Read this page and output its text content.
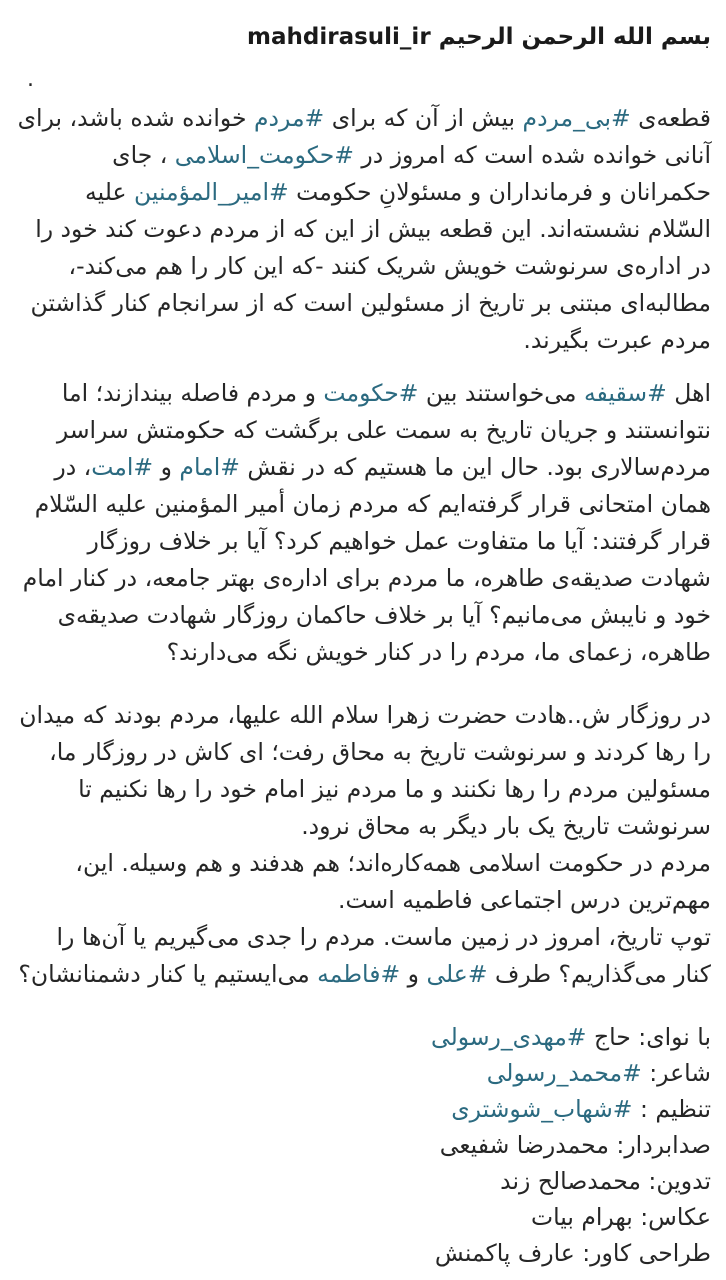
mahdirasuli_ir بسم الله الرحمن الرحيم
.
قطعه‌ی #بی_مردم بیش از آن که برای #مردم خوانده شده باشد، برای آنانی خوانده شده است که امروز در #حکومت_اسلامی ، جای حکمرانان و فرمانداران و مسئولانِ حکومت #امیر_المؤمنین علیه السّلام نشسته‌اند. این قطعه بیش از این که از مردم دعوت کند خود را در اداره‌ی سرنوشت خویش شریک کنند -که این کار را هم می‌کند-، مطالبه‌ای مبتنی بر تاریخ از مسئولین است که از سرانجام کنار گذاشتن مردم عبرت بگیرند.
اهل #سقیفه می‌خواستند بین #حکومت و مردم فاصله بیندازند؛ اما نتوانستند و جریان تاریخ به سمت علی برگشت که حکومتش سراسر مردم‌سالاری بود. حال این ما هستیم که در نقش #امام و #امت، در همان امتحانی قرار گرفته‌ایم که مردم زمان أمیر المؤمنین علیه السّلام قرار گرفتند: آیا ما متفاوت عمل خواهیم کرد؟ آیا بر خلاف روزگار شهادت صدیقه‌ی طاهره، ما مردم برای اداره‌ی بهتر جامعه، در کنار امام خود و نایبش می‌مانیم؟ آیا بر خلاف حاکمان روزگار شهادت صدیقه‌ی طاهره، زعمای ما، مردم را در کنار خویش نگه می‌دارند؟
در روزگار ش..هادت حضرت زهرا سلام الله علیها، مردم بودند که میدان را رها کردند و سرنوشت تاریخ به محاق رفت؛ ای کاش در روزگار ما، مسئولین مردم را رها نکنند و ما مردم نیز امام خود را رها نکنیم تا سرنوشت تاریخ یک بار دیگر به محاق نرود.
مردم در حکومت اسلامی همه‌کاره‌اند؛ هم هدفند و هم وسیله. این، مهم‌ترین درس اجتماعی فاطمیه است.
توپ تاریخ، امروز در زمین ماست. مردم را جدی می‌گیریم یا آن‌ها را کنار می‌گذاریم؟ طرف #علی و #فاطمه می‌ایستیم یا کنار دشمنانشان؟
با نوای: حاج #مهدی_رسولی
شاعر: #محمد_رسولی
تنظیم : #شهاب_شوشتری
صدابردار: محمدرضا شفیعی
تدوین: محمدصالح زند
عکاس: بهرام بیات
طراحی کاور: عارف پاکمنش
